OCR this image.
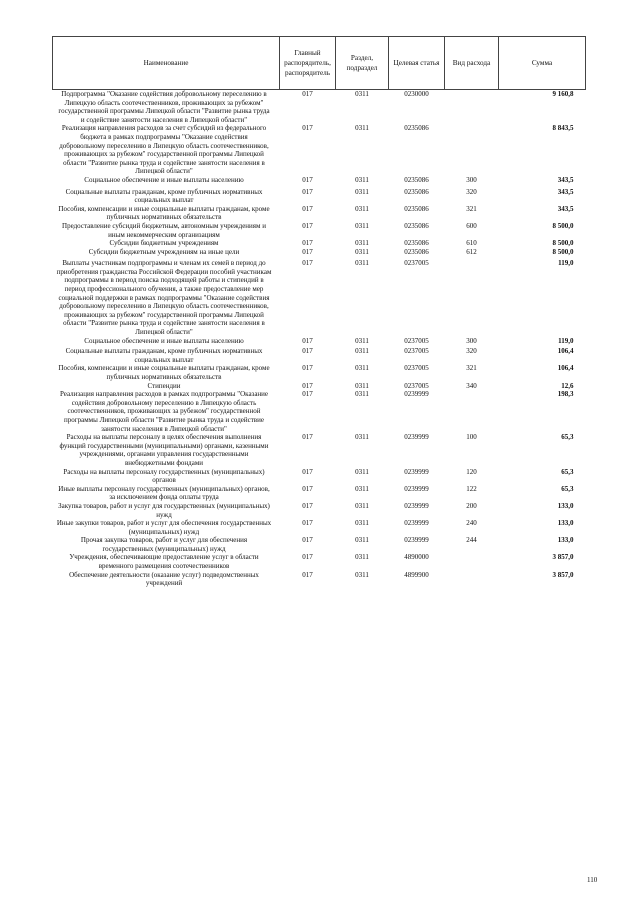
Наименование	Главный распорядитель, распорядитель	Раздел, подраздел	Целевая статья	Вид расхода	Сумма
Подпрограмма "Оказание содействия добровольному переселению в Липецкую область соотечественников, проживающих за рубежом" государственной программы Липецкой области "Развитие рынка труда и содействие занятости населения в Липецкой области"	017	0311	0230000		9 160,8
Реализация направления расходов за счет субсидий из федерального бюджета в рамках подпрограммы "Оказание содействия добровольному переселению в Липецкую область соотечественников, проживающих за рубежом" государственной программы Липецкой области "Развитие рынка труда и содействие занятости населения в Липецкой области"	017	0311	0235086		8 843,5
Социальное обеспечение и иные выплаты населению	017	0311	0235086	300	343,5
Социальные выплаты гражданам, кроме публичных нормативных социальных выплат	017	0311	0235086	320	343,5
Пособия, компенсации и иные социальные выплаты гражданам, кроме публичных нормативных обязательств	017	0311	0235086	321	343,5
Предоставление субсидий бюджетным, автономным учреждениям и иным некоммерческим организациям	017	0311	0235086	600	8 500,0
Субсидии бюджетным учреждениям	017	0311	0235086	610	8 500,0
Субсидии бюджетным учреждениям на иные цели	017	0311	0235086	612	8 500,0
Выплаты участникам подпрограммы и членам их семей в период до приобретения гражданства Российской Федерации пособий участникам подпрограммы в период поиска подходящей работы и стипендий в период профессионального обучения, а также предоставление мер социальной поддержки в рамках подпрограммы "Оказание содействия добровольному переселению в Липецкую область соотечественников, проживающих за рубежом" государственной программы Липецкой области "Развитие рынка труда и содействие занятости населения в Липецкой области"	017	0311	0237005		119,0
Социальное обеспечение и иные выплаты населению	017	0311	0237005	300	119,0
Социальные выплаты гражданам, кроме публичных нормативных социальных выплат	017	0311	0237005	320	106,4
Пособия, компенсации и иные социальные выплаты гражданам, кроме публичных нормативных обязательств	017	0311	0237005	321	106,4
Стипендии	017	0311	0237005	340	12,6
Реализация направления расходов в рамках подпрограммы "Оказание содействия добровольному переселению в Липецкую область соотечественников, проживающих за рубежом" государственной программы Липецкой области "Развитие рынка труда и содействие занятости населения в Липецкой области"	017	0311	0239999		198,3
Расходы на выплаты персоналу в целях обеспечения выполнения функций государственными (муниципальными) органами, казенными учреждениями, органами управления государственными внебюджетными фондами	017	0311	0239999	100	65,3
Расходы на выплаты персоналу государственных (муниципальных) органов	017	0311	0239999	120	65,3
Иные выплаты персоналу государственных (муниципальных) органов, за исключением фонда оплаты труда	017	0311	0239999	122	65,3
Закупка товаров, работ и услуг для государственных (муниципальных) нужд	017	0311	0239999	200	133,0
Иные закупки товаров, работ и услуг для обеспечения государственных (муниципальных) нужд	017	0311	0239999	240	133,0
Прочая закупка товаров, работ и услуг для обеспечения государственных (муниципальных) нужд	017	0311	0239999	244	133,0
Учреждения, обеспечивающие предоставление услуг в области временного размещения соотечественников	017	0311	4890000		3 857,0
Обеспечение деятельности (оказание услуг) подведомственных учреждений	017	0311	4899900		3 857,0
110
